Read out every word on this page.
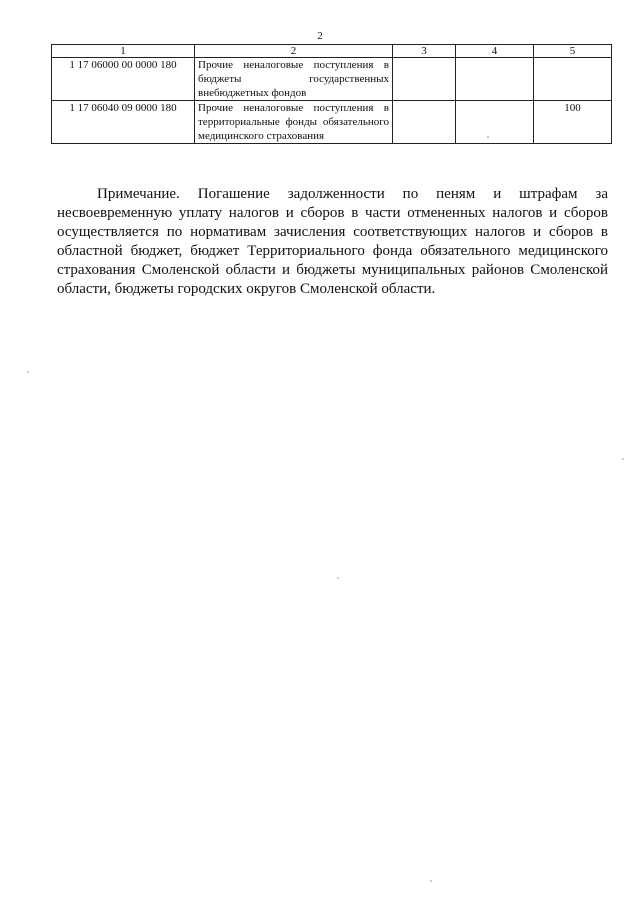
2
1	2	3	4	5
1 17 06000 00 0000 180	Прочие неналоговые поступления в бюджеты государственных внебюджетных фондов			
1 17 06040 09 0000 180	Прочие неналоговые поступления в территориальные фонды обязательного медицинского страхования			100

Примечание. Погашение задолженности по пеням и штрафам за несвоевременную уплату налогов и сборов в части отмененных налогов и сборов осуществляется по нормативам зачисления соответствующих налогов и сборов в областной бюджет, бюджет Территориального фонда обязательного медицинского страхования Смоленской области и бюджеты муниципальных районов Смоленской области, бюджеты городских округов Смоленской области.
